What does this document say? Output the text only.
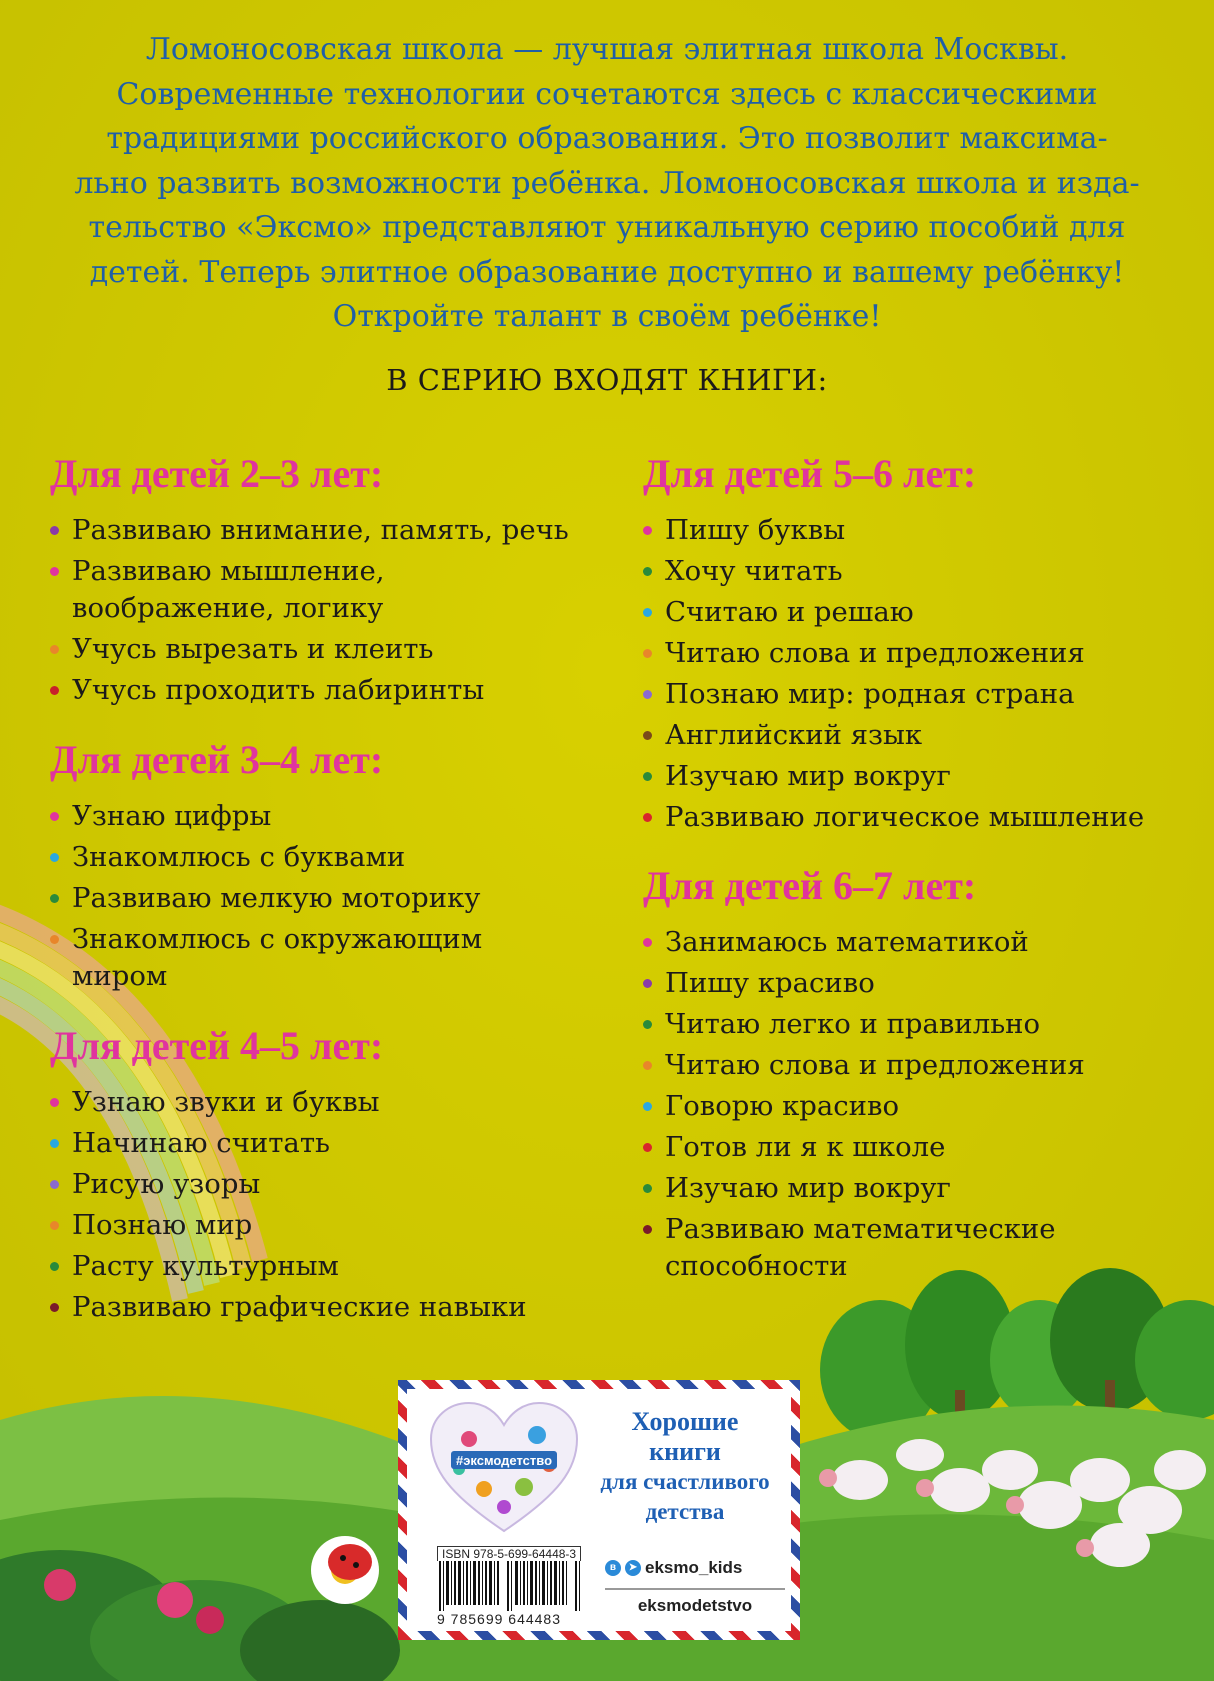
Ломоносовская школа — лучшая элитная школа Москвы.
Современные технологии сочетаются здесь с классическими
традициями российского образования. Это позволит максима-
льно развить возможности ребёнка. Ломоносовская школа и изда-
тельство «Эксмо» представляют уникальную серию пособий для
детей. Теперь элитное образование доступно и вашему ребёнку!
Откройте талант в своём ребёнке!
В СЕРИЮ ВХОДЯТ КНИГИ:
Для детей 2–3 лет:
Развиваю внимание, память, речь
Развиваю мышление, воображение, логику
Учусь вырезать и клеить
Учусь проходить лабиринты
Для детей 3–4 лет:
Узнаю цифры
Знакомлюсь с буквами
Развиваю мелкую моторику
Знакомлюсь с окружающим миром
Для детей 4–5 лет:
Узнаю звуки и буквы
Начинаю считать
Рисую узоры
Познаю мир
Расту культурным
Развиваю графические навыки
Для детей 5–6 лет:
Пишу буквы
Хочу читать
Считаю и решаю
Читаю слова и предложения
Познаю мир: родная страна
Английский язык
Изучаю мир вокруг
Развиваю логическое мышление
Для детей 6–7 лет:
Занимаюсь математикой
Пишу красиво
Читаю легко и правильно
Читаю слова и предложения
Говорю красиво
Готов ли я к школе
Изучаю мир вокруг
Развиваю математические способности
#эксмодетство
Хорошие
книги
для счастливого
детства
ISBN 978-5-699-64448-3
9 785699 644483
в	➤ eksmo_kids
eksmodetstvo
